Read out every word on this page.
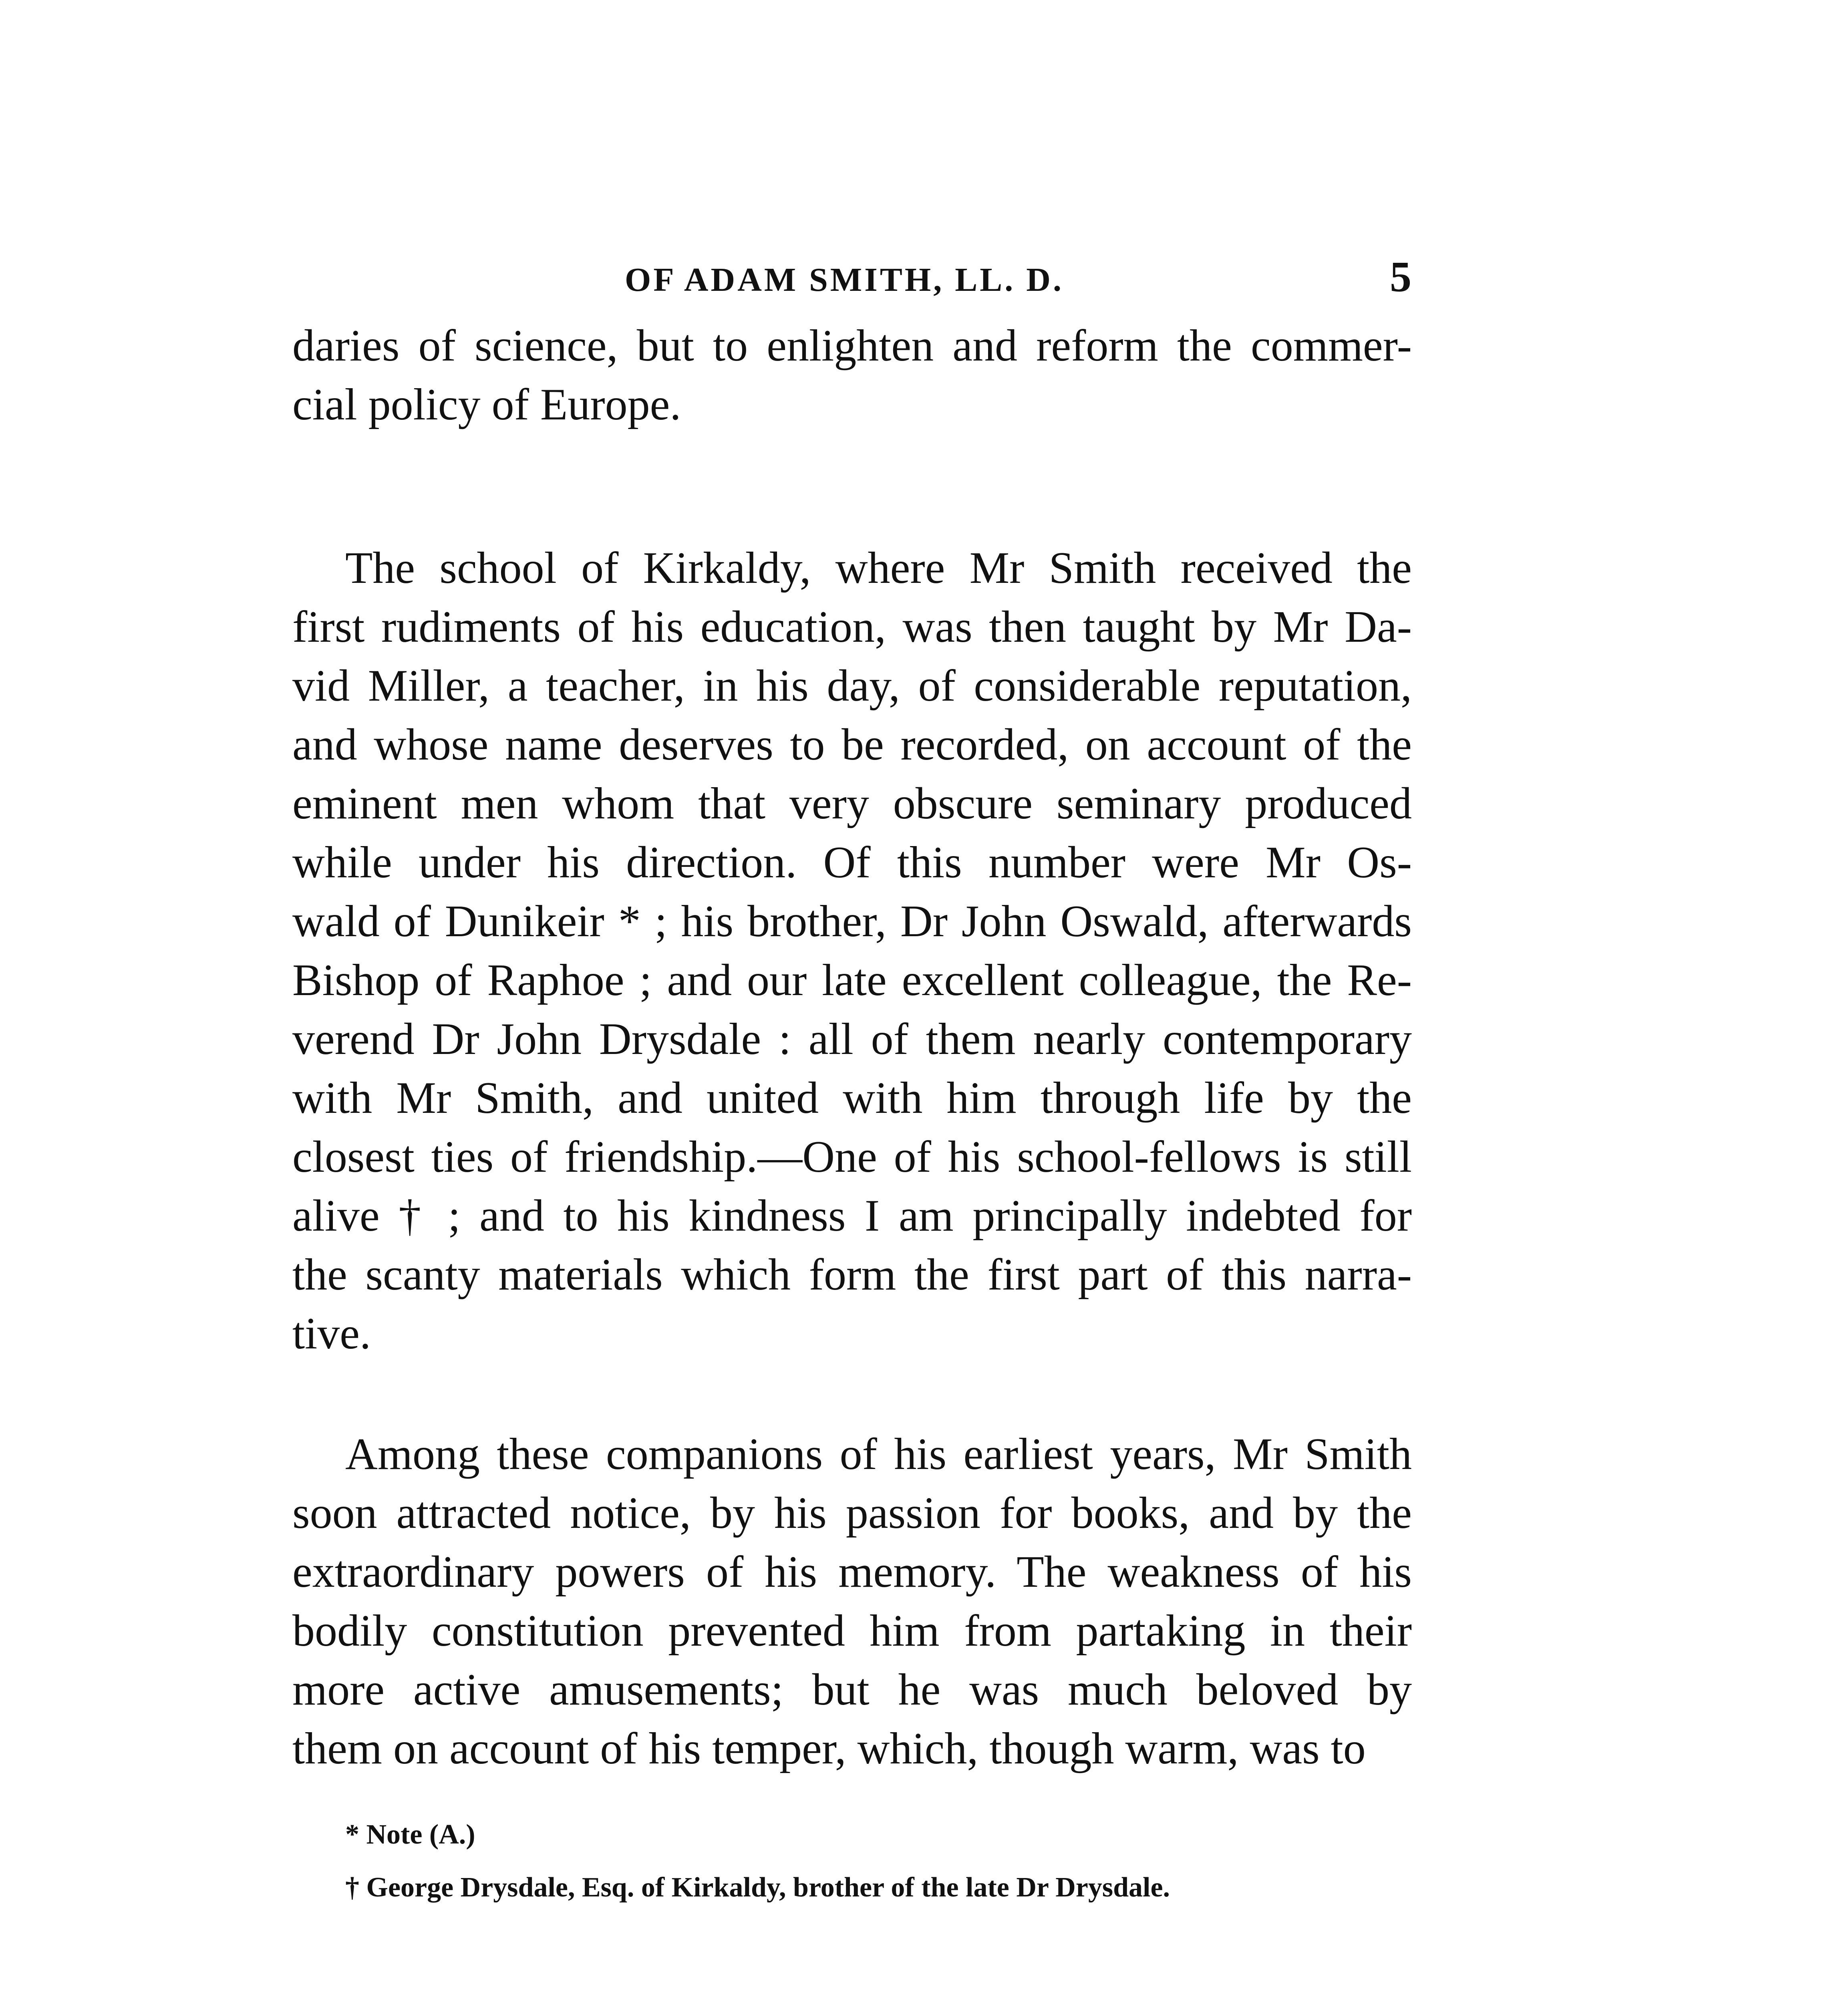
OF ADAM SMITH, LL. D.	5
daries of science, but to enlighten and reform the commer-
cial policy of Europe.
The school of Kirkaldy, where Mr Smith received the
first rudiments of his education, was then taught by Mr Da-
vid Miller, a teacher, in his day, of considerable reputation,
and whose name deserves to be recorded, on account of the
eminent men whom that very obscure seminary produced
while under his direction. Of this number were Mr Os-
wald of Dunikeir * ; his brother, Dr John Oswald, afterwards
Bishop of Raphoe ; and our late excellent colleague, the Re-
verend Dr John Drysdale : all of them nearly contemporary
with Mr Smith, and united with him through life by the
closest ties of friendship.—One of his school-fellows is still
alive † ; and to his kindness I am principally indebted for
the scanty materials which form the first part of this narra-
tive.
Among these companions of his earliest years, Mr Smith
soon attracted notice, by his passion for books, and by the
extraordinary powers of his memory. The weakness of his
bodily constitution prevented him from partaking in their
more active amusements; but he was much beloved by
them on account of his temper, which, though warm, was to
* Note (A.)
† George Drysdale, Esq. of Kirkaldy, brother of the late Dr Drysdale.
